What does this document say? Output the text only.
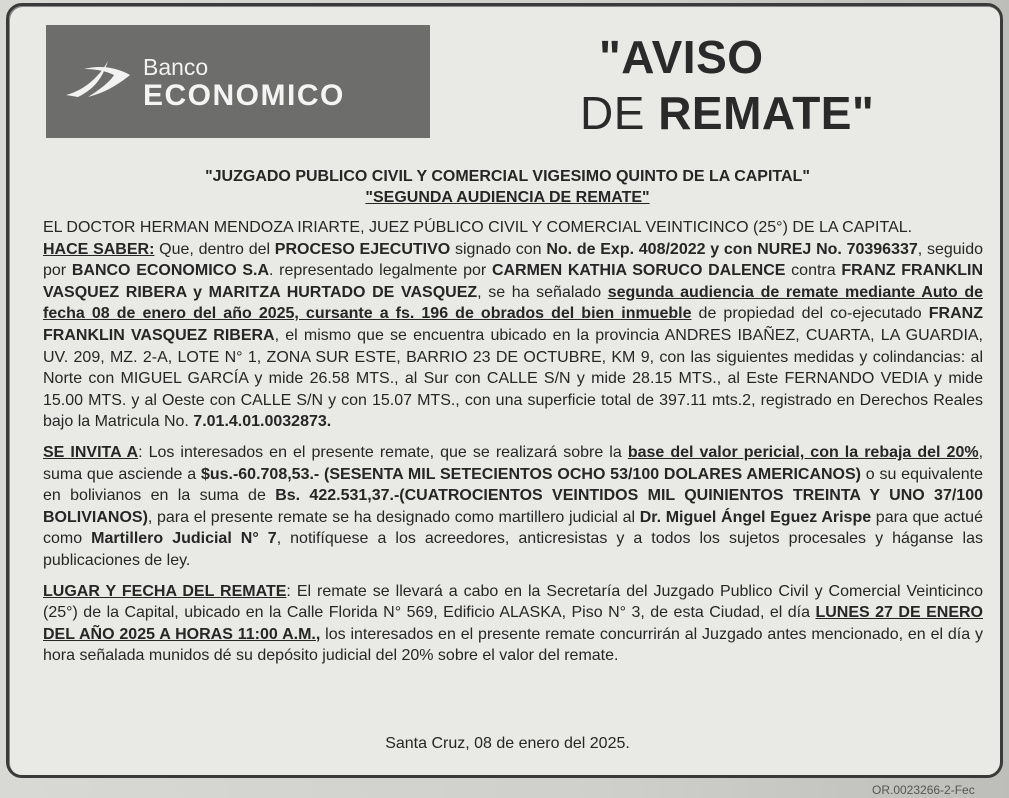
Banco
ECONOMICO
"AVISO
DE REMATE"
"JUZGADO PUBLICO CIVIL Y COMERCIAL VIGESIMO QUINTO DE LA CAPITAL"
"SEGUNDA AUDIENCIA DE REMATE"

EL DOCTOR HERMAN MENDOZA IRIARTE, JUEZ PÚBLICO CIVIL Y COMERCIAL VEINTICINCO (25°) DE LA CAPITAL.
HACE SABER: Que, dentro del PROCESO EJECUTIVO signado con No. de Exp. 408/2022 y con NUREJ No. 70396337, seguido por BANCO ECONOMICO S.A. representado legalmente por CARMEN KATHIA SORUCO DALENCE contra FRANZ FRANKLIN VASQUEZ RIBERA y MARITZA HURTADO DE VASQUEZ, se ha señalado segunda audiencia de remate mediante Auto de fecha 08 de enero del año 2025, cursante a fs. 196 de obrados del bien inmueble de propiedad del co-ejecutado FRANZ FRANKLIN VASQUEZ RIBERA, el mismo que se encuentra ubicado en la provincia ANDRES IBAÑEZ, CUARTA, LA GUARDIA, UV. 209, MZ. 2-A, LOTE N° 1, ZONA SUR ESTE, BARRIO 23 DE OCTUBRE, KM 9, con las siguientes medidas y colindancias: al Norte con MIGUEL GARCÍA y mide 26.58 MTS., al Sur con CALLE S/N y mide 28.15 MTS., al Este FERNANDO VEDIA y mide 15.00 MTS. y al Oeste con CALLE S/N y con 15.07 MTS., con una superficie total de 397.11 mts.2, registrado en Derechos Reales bajo la Matricula No. 7.01.4.01.0032873.

SE INVITA A: Los interesados en el presente remate, que se realizará sobre la base del valor pericial, con la rebaja del 20%, suma que asciende a $us.-60.708,53.- (SESENTA MIL SETECIENTOS OCHO 53/100 DOLARES AMERICANOS) o su equivalente en bolivianos en la suma de Bs. 422.531,37.-(CUATROCIENTOS VEINTIDOS MIL QUINIENTOS TREINTA Y UNO 37/100 BOLIVIANOS), para el presente remate se ha designado como martillero judicial al Dr. Miguel Ángel Eguez Arispe para que actué como Martillero Judicial N° 7, notifíquese a los acreedores, anticresistas y a todos los sujetos procesales y háganse las publicaciones de ley.

LUGAR Y FECHA DEL REMATE: El remate se llevará a cabo en la Secretaría del Juzgado Publico Civil y Comercial Veinticinco (25°) de la Capital, ubicado en la Calle Florida N° 569, Edificio ALASKA, Piso N° 3, de esta Ciudad, el día LUNES 27 DE ENERO DEL AÑO 2025 A HORAS 11:00 A.M., los interesados en el presente remate concurrirán al Juzgado antes mencionado, en el día y hora señalada munidos dé su depósito judicial del 20% sobre el valor del remate.

Santa Cruz, 08 de enero del 2025.
OR.0023266-2-Fec
